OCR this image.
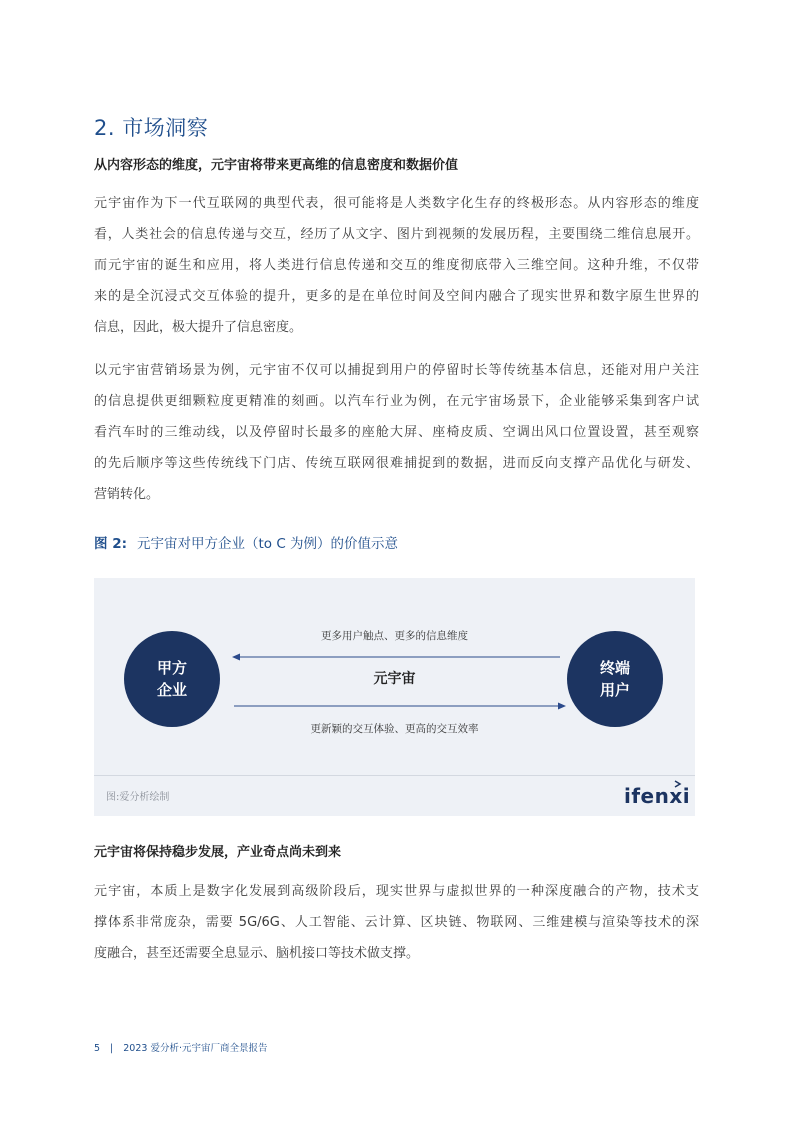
2. 市场洞察
从内容形态的维度，元宇宙将带来更高维的信息密度和数据价值
元宇宙作为下一代互联网的典型代表，很可能将是人类数字化生存的终极形态。从内容形态的维度
看，人类社会的信息传递与交互，经历了从文字、图片到视频的发展历程，主要围绕二维信息展开。
而元宇宙的诞生和应用，将人类进行信息传递和交互的维度彻底带入三维空间。这种升维，不仅带
来的是全沉浸式交互体验的提升，更多的是在单位时间及空间内融合了现实世界和数字原生世界的
信息，因此，极大提升了信息密度。
以元宇宙营销场景为例，元宇宙不仅可以捕捉到用户的停留时长等传统基本信息，还能对用户关注
的信息提供更细颗粒度更精准的刻画。以汽车行业为例，在元宇宙场景下，企业能够采集到客户试
看汽车时的三维动线，以及停留时长最多的座舱大屏、座椅皮质、空调出风口位置设置，甚至观察
的先后顺序等这些传统线下门店、传统互联网很难捕捉到的数据，进而反向支撑产品优化与研发、
营销转化。
图 2: 元宇宙对甲方企业（to C 为例）的价值示意
更多用户触点、更多的信息维度
元宇宙
更新颖的交互体验、更高的交互效率
甲方
企业
终端
用户
图:爱分析绘制	ifenxi
元宇宙将保持稳步发展，产业奇点尚未到来
元宇宙，本质上是数字化发展到高级阶段后，现实世界与虚拟世界的一种深度融合的产物，技术支
撑体系非常庞杂，需要 5G/6G、人工智能、云计算、区块链、物联网、三维建模与渲染等技术的深
度融合，甚至还需要全息显示、脑机接口等技术做支撑。
5 | 2023 爱分析·元宇宙厂商全景报告
